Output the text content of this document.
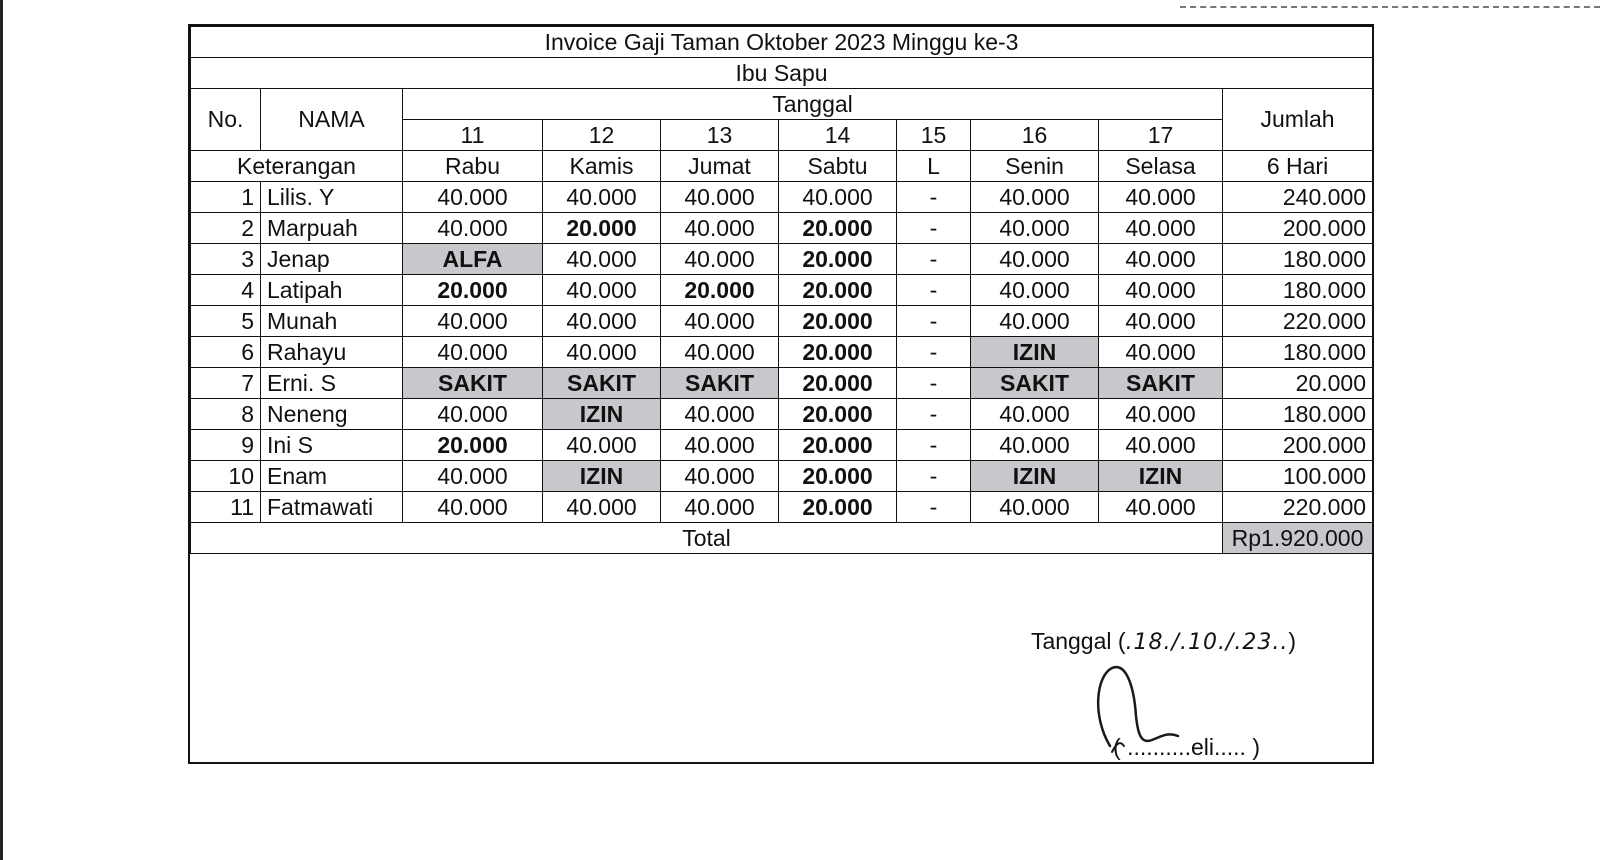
Invoice Gaji Taman Oktober 2023 Minggu ke-3									
Ibu Sapu									
No.	NAMA	Tanggal							Jumlah
		11	12	13	14	15	16	17	
Keterangan		Rabu	Kamis	Jumat	Sabtu	L	Senin	Selasa	6 Hari
1	Lilis. Y	40.000	40.000	40.000	40.000	-	40.000	40.000	240.000
2	Marpuah	40.000	20.000	40.000	20.000	-	40.000	40.000	200.000
3	Jenap	ALFA	40.000	40.000	20.000	-	40.000	40.000	180.000
4	Latipah	20.000	40.000	20.000	20.000	-	40.000	40.000	180.000
5	Munah	40.000	40.000	40.000	20.000	-	40.000	40.000	220.000
6	Rahayu	40.000	40.000	40.000	20.000	-	IZIN	40.000	180.000
7	Erni. S	SAKIT	SAKIT	SAKIT	20.000	-	SAKIT	SAKIT	20.000
8	Neneng	40.000	IZIN	40.000	20.000	-	40.000	40.000	180.000
9	Ini S	20.000	40.000	40.000	20.000	-	40.000	40.000	200.000
10	Enam	40.000	IZIN	40.000	20.000	-	IZIN	IZIN	100.000
11	Fatmawati	40.000	40.000	40.000	20.000	-	40.000	40.000	220.000
Total									Rp1.920.000
Tanggal (.18./.10./.23..)
( ..........eli..... )
